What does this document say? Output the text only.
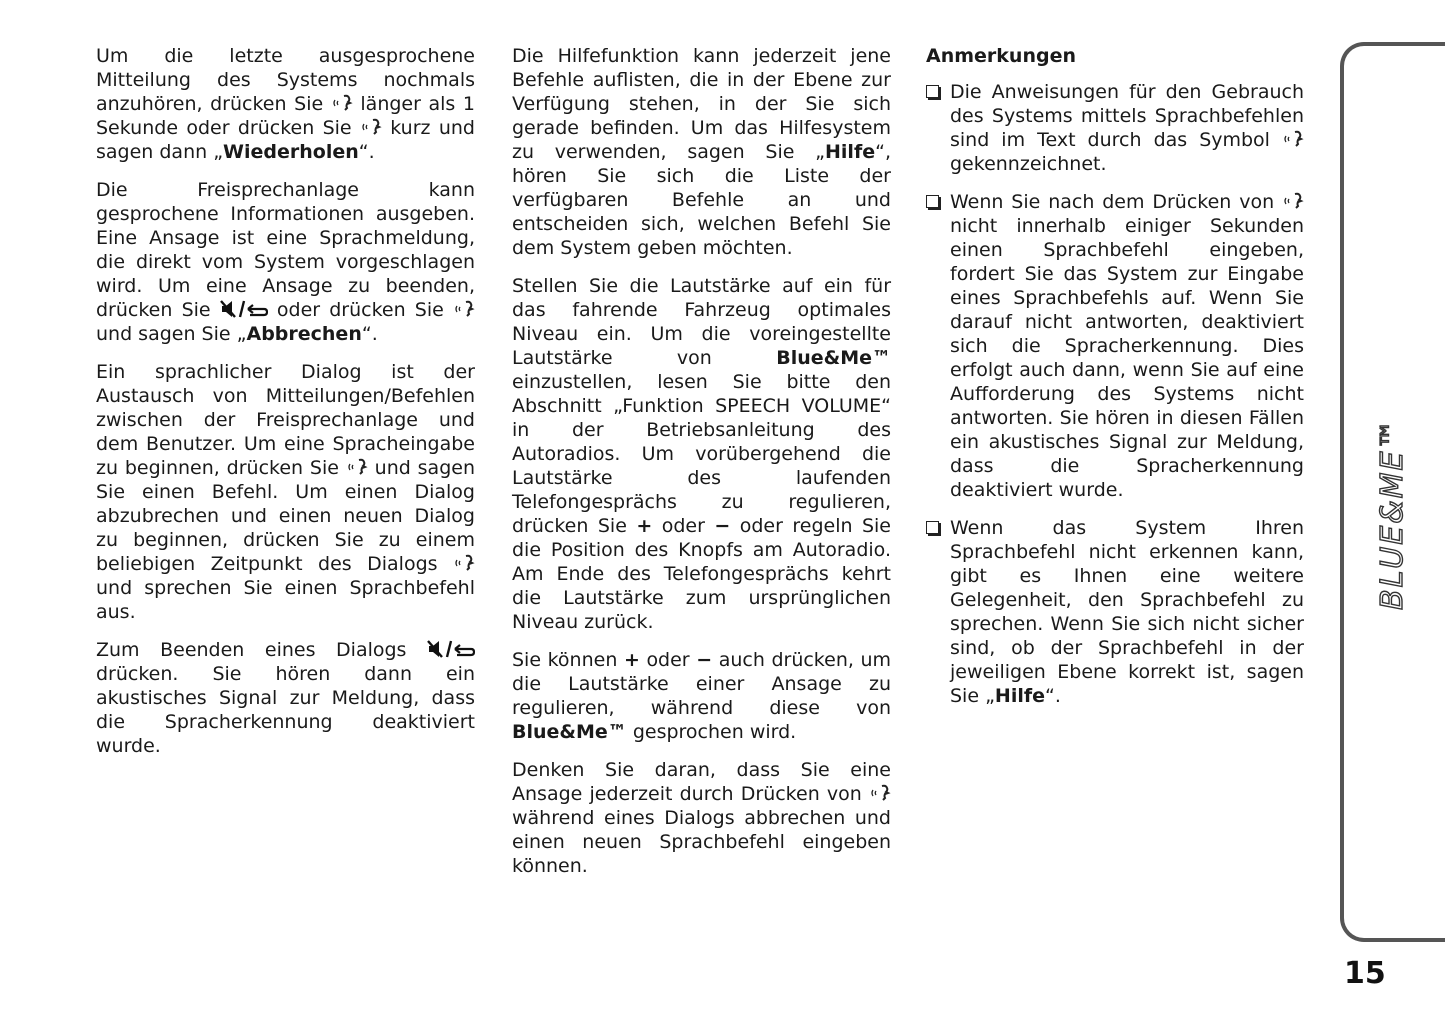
Um die letzte ausgesprochene Mitteilung des Systems nochmals anzuhören, drücken Sie länger als 1 Sekunde oder drücken Sie kurz und sagen dann „Wiederholen“.

Die Freisprechanlage kann gesprochene Informationen ausgeben. Eine Ansage ist eine Sprachmeldung, die direkt vom System vorgeschlagen wird. Um eine Ansage zu beenden, drücken Sie	oder drücken Sie  und sagen Sie „Abbrechen“.

Ein sprachlicher Dialog ist der Austausch von Mitteilungen/Befehlen zwischen der Freisprechanlage und dem Benutzer. Um eine Spracheingabe zu beginnen, drücken Sie und sagen Sie einen Befehl. Um einen Dialog abzubrechen und einen neuen Dialog zu beginnen, drücken Sie zu einem beliebigen Zeitpunkt des Dialogs  und sprechen Sie einen Sprachbefehl aus.

Zum Beenden eines Dialogs  drücken. Sie hören dann ein akustisches Signal zur Meldung, dass die Spracherkennung deaktiviert wurde.

Die Hilfefunktion kann jederzeit jene Befehle auflisten, die in der Ebene zur Verfügung stehen, in der Sie sich gerade befinden. Um das Hilfesystem zu verwenden, sagen Sie „Hilfe“, hören Sie sich die Liste der verfügbaren Befehle an und entscheiden sich, welchen Befehl Sie dem System geben möchten.

Stellen Sie die Lautstärke auf ein für das fahrende Fahrzeug optimales Niveau ein. Um die voreingestellte Lautstärke von	Blue&Me™ einzustellen, lesen Sie bitte den Abschnitt „Funktion SPEECH VOLUME“ in der Betriebsanleitung des Autoradios. Um vorübergehend die Lautstärke des laufenden Telefongesprächs zu regulieren, drücken Sie + oder − oder regeln Sie die Position des Knopfs am Autoradio. Am Ende des Telefongesprächs kehrt die Lautstärke zum ursprünglichen Niveau zurück.

Sie können + oder − auch drücken, um die Lautstärke einer Ansage zu regulieren, während diese von Blue&Me™ gesprochen wird.

Denken Sie daran, dass Sie eine Ansage jederzeit durch Drücken von  während eines Dialogs abbrechen und einen neuen Sprachbefehl eingeben können.

Anmerkungen

Die Anweisungen für den Gebrauch des Systems mittels Sprachbefehlen sind im Text durch das Symbol  gekennzeichnet.

Wenn Sie nach dem Drücken von  nicht innerhalb einiger Sekunden einen Sprachbefehl eingeben, fordert Sie das System zur Eingabe eines Sprachbefehls auf. Wenn Sie darauf nicht antworten, deaktiviert sich die Spracherkennung. Dies erfolgt auch dann, wenn Sie auf eine Aufforderung des Systems nicht antworten. Sie hören in diesen Fällen ein akustisches Signal zur Meldung, dass die Spracherkennung deaktiviert wurde.

Wenn das System Ihren Sprachbefehl nicht erkennen kann, gibt es Ihnen eine weitere Gelegenheit, den Sprachbefehl zu sprechen. Wenn Sie sich nicht sicher sind, ob der Sprachbefehl in der jeweiligen Ebene korrekt ist, sagen Sie „Hilfe“.

BLUE&ME™
15
